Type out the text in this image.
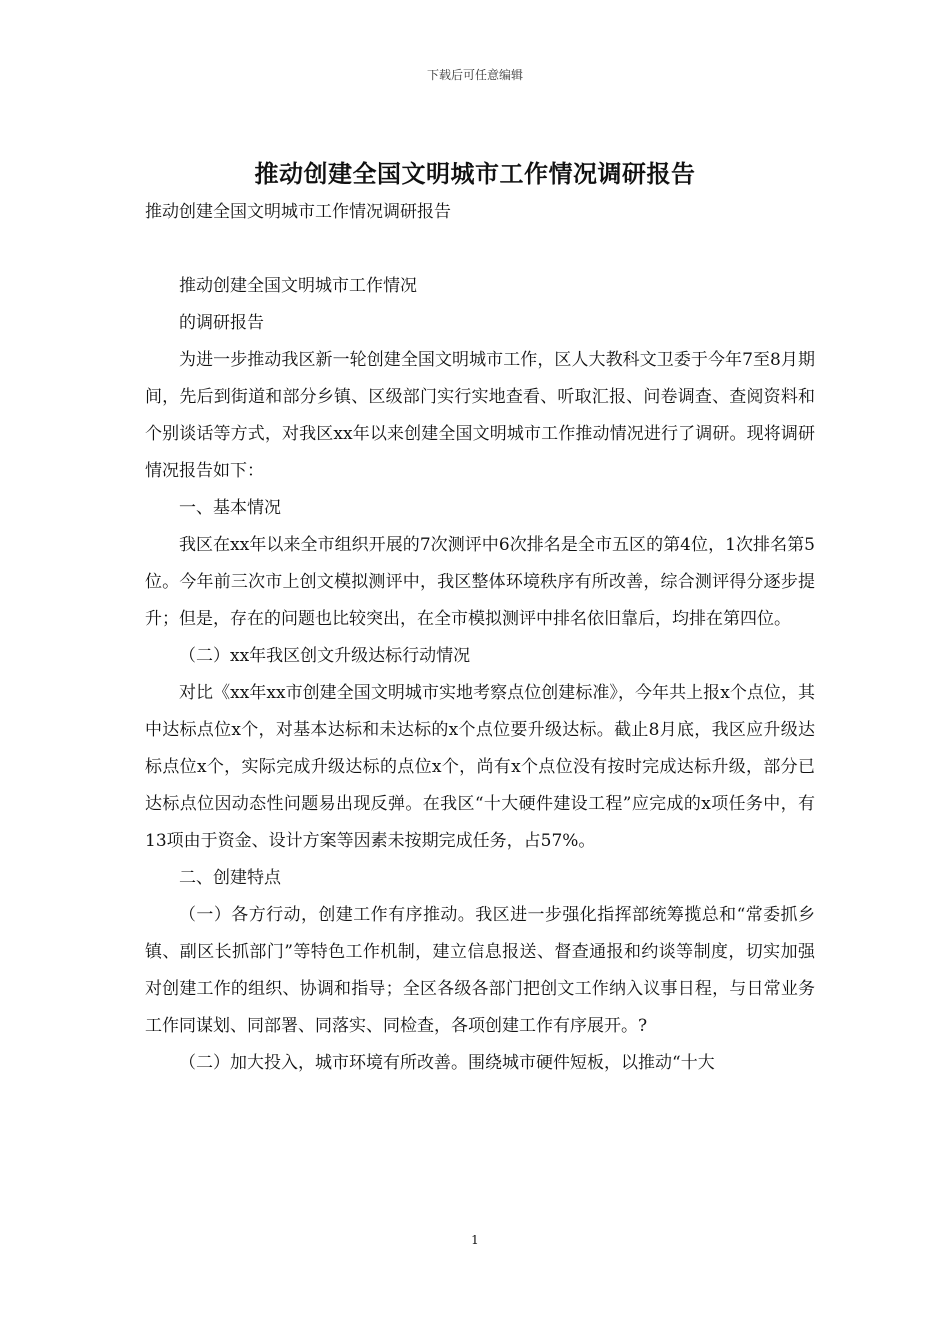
下载后可任意编辑
推动创建全国文明城市工作情况调研报告
推动创建全国文明城市工作情况调研报告

推动创建全国文明城市工作情况

的调研报告

为进一步推动我区新一轮创建全国文明城市工作，区人大教科文卫委于今年7至8月期间，先后到街道和部分乡镇、区级部门实行实地查看、听取汇报、问卷调查、查阅资料和个别谈话等方式，对我区xx年以来创建全国文明城市工作推动情况进行了调研。现将调研情况报告如下：

一、基本情况

我区在xx年以来全市组织开展的7次测评中6次排名是全市五区的第4位，1次排名第5位。今年前三次市上创文模拟测评中，我区整体环境秩序有所改善，综合测评得分逐步提升；但是，存在的问题也比较突出，在全市模拟测评中排名依旧靠后，均排在第四位。

（二）xx年我区创文升级达标行动情况

对比《xx年xx市创建全国文明城市实地考察点位创建标准》，今年共上报x个点位，其中达标点位x个，对基本达标和未达标的x个点位要升级达标。截止8月底，我区应升级达标点位x个，实际完成升级达标的点位x个，尚有x个点位没有按时完成达标升级，部分已达标点位因动态性问题易出现反弹。在我区“十大硬件建设工程”应完成的x项任务中，有13项由于资金、设计方案等因素未按期完成任务，占57%。

二、创建特点

（一）各方行动，创建工作有序推动。我区进一步强化指挥部统筹揽总和“常委抓乡镇、副区长抓部门”等特色工作机制，建立信息报送、督查通报和约谈等制度，切实加强对创建工作的组织、协调和指导；全区各级各部门把创文工作纳入议事日程，与日常业务工作同谋划、同部署、同落实、同检查，各项创建工作有序展开。?

（二）加大投入，城市环境有所改善。围绕城市硬件短板，以推动“十大

1
